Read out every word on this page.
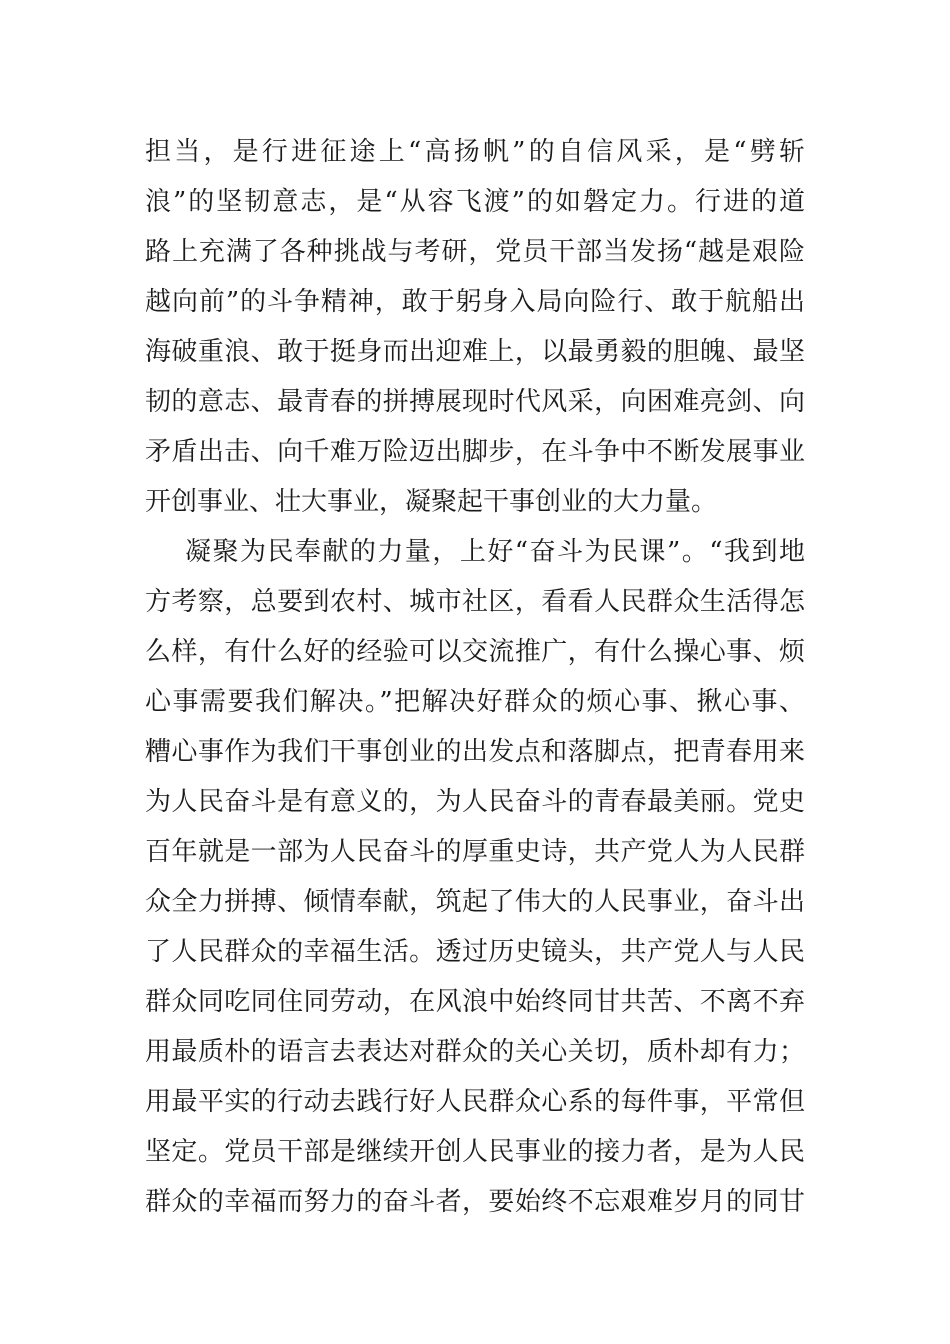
担当，是行进征途上“高扬帆”的自信风采，是“劈斩
浪”的坚韧意志，是“从容飞渡”的如磐定力。行进的道
路上充满了各种挑战与考研，党员干部当发扬“越是艰险
越向前”的斗争精神，敢于躬身入局向险行、敢于航船出
海破重浪、敢于挺身而出迎难上，以最勇毅的胆魄、最坚
韧的意志、最青春的拼搏展现时代风采，向困难亮剑、向
矛盾出击、向千难万险迈出脚步，在斗争中不断发展事业
开创事业、壮大事业，凝聚起干事创业的大力量。
凝聚为民奉献的力量，上好“奋斗为民课”。“我到地
方考察，总要到农村、城市社区，看看人民群众生活得怎
么样，有什么好的经验可以交流推广，有什么操心事、烦
心事需要我们解决。”把解决好群众的烦心事、揪心事、
糟心事作为我们干事创业的出发点和落脚点，把青春用来
为人民奋斗是有意义的，为人民奋斗的青春最美丽。党史
百年就是一部为人民奋斗的厚重史诗，共产党人为人民群
众全力拼搏、倾情奉献，筑起了伟大的人民事业，奋斗出
了人民群众的幸福生活。透过历史镜头，共产党人与人民
群众同吃同住同劳动，在风浪中始终同甘共苦、不离不弃
用最质朴的语言去表达对群众的关心关切，质朴却有力；
用最平实的行动去践行好人民群众心系的每件事，平常但
坚定。党员干部是继续开创人民事业的接力者，是为人民
群众的幸福而努力的奋斗者，要始终不忘艰难岁月的同甘
